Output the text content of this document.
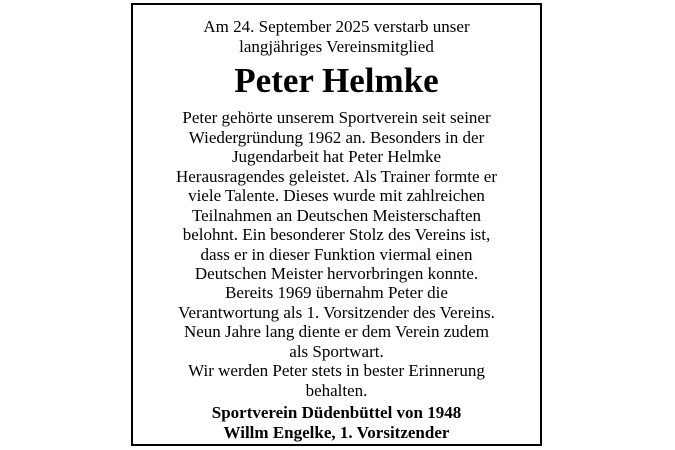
Am 24. September 2025 verstarb unser
langjähriges Vereinsmitglied
Peter Helmke
Peter gehörte unserem Sportverein seit seiner
Wiedergründung 1962 an. Besonders in der
Jugendarbeit hat Peter Helmke
Herausragendes geleistet. Als Trainer formte er
viele Talente. Dieses wurde mit zahlreichen
Teilnahmen an Deutschen Meisterschaften
belohnt. Ein besonderer Stolz des Vereins ist,
dass er in dieser Funktion viermal einen
Deutschen Meister hervorbringen konnte.
Bereits 1969 übernahm Peter die
Verantwortung als 1. Vorsitzender des Vereins.
Neun Jahre lang diente er dem Verein zudem
als Sportwart.
Wir werden Peter stets in bester Erinnerung
behalten.
Sportverein Düdenbüttel von 1948
Willm Engelke, 1. Vorsitzender
